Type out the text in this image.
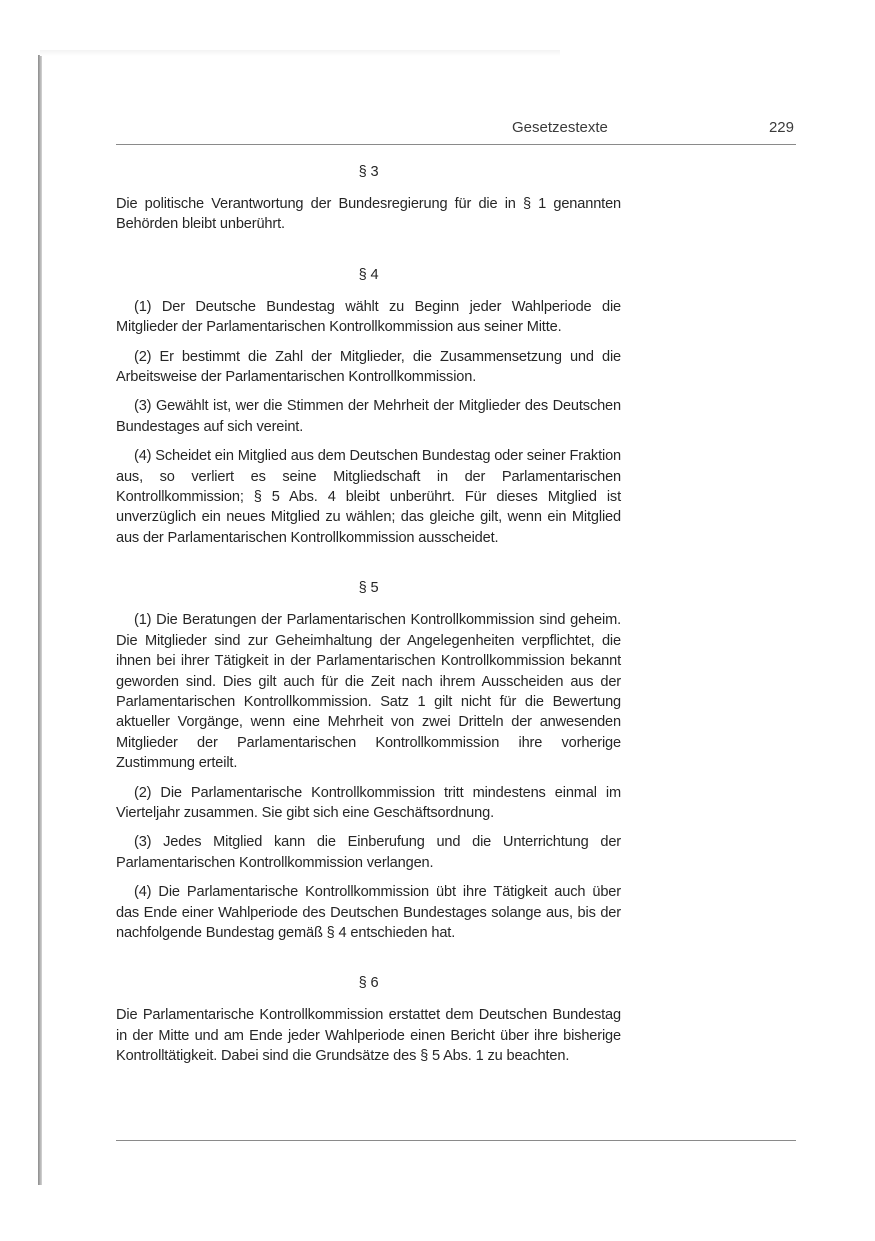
Gesetzestexte	229

§ 3

Die politische Verantwortung der Bundesregierung für die in § 1 genannten Behörden bleibt unberührt.

§ 4

(1) Der Deutsche Bundestag wählt zu Beginn jeder Wahlperiode die Mitglieder der Parlamentarischen Kontrollkommission aus seiner Mitte.

(2) Er bestimmt die Zahl der Mitglieder, die Zusammensetzung und die Arbeitsweise der Parlamentarischen Kontrollkommission.

(3) Gewählt ist, wer die Stimmen der Mehrheit der Mitglieder des Deutschen Bundestages auf sich vereint.

(4) Scheidet ein Mitglied aus dem Deutschen Bundestag oder seiner Fraktion aus, so verliert es seine Mitgliedschaft in der Parlamentarischen Kontrollkommission; § 5 Abs. 4 bleibt unberührt. Für dieses Mitglied ist unverzüglich ein neues Mitglied zu wählen; das gleiche gilt, wenn ein Mitglied aus der Parlamentarischen Kontrollkommission ausscheidet.

§ 5

(1) Die Beratungen der Parlamentarischen Kontrollkommission sind geheim. Die Mitglieder sind zur Geheimhaltung der Angelegenheiten verpflichtet, die ihnen bei ihrer Tätigkeit in der Parlamentarischen Kontrollkommission bekannt geworden sind. Dies gilt auch für die Zeit nach ihrem Ausscheiden aus der Parlamentarischen Kontrollkommission. Satz 1 gilt nicht für die Bewertung aktueller Vorgänge, wenn eine Mehrheit von zwei Dritteln der anwesenden Mitglieder der Parlamentarischen Kontrollkommission ihre vorherige Zustimmung erteilt.

(2) Die Parlamentarische Kontrollkommission tritt mindestens einmal im Vierteljahr zusammen. Sie gibt sich eine Geschäftsordnung.

(3) Jedes Mitglied kann die Einberufung und die Unterrichtung der Parlamentarischen Kontrollkommission verlangen.

(4) Die Parlamentarische Kontrollkommission übt ihre Tätigkeit auch über das Ende einer Wahlperiode des Deutschen Bundestages solange aus, bis der nachfolgende Bundestag gemäß § 4 entschieden hat.

§ 6

Die Parlamentarische Kontrollkommission erstattet dem Deutschen Bundestag in der Mitte und am Ende jeder Wahlperiode einen Bericht über ihre bisherige Kontrolltätigkeit. Dabei sind die Grundsätze des § 5 Abs. 1 zu beachten.
